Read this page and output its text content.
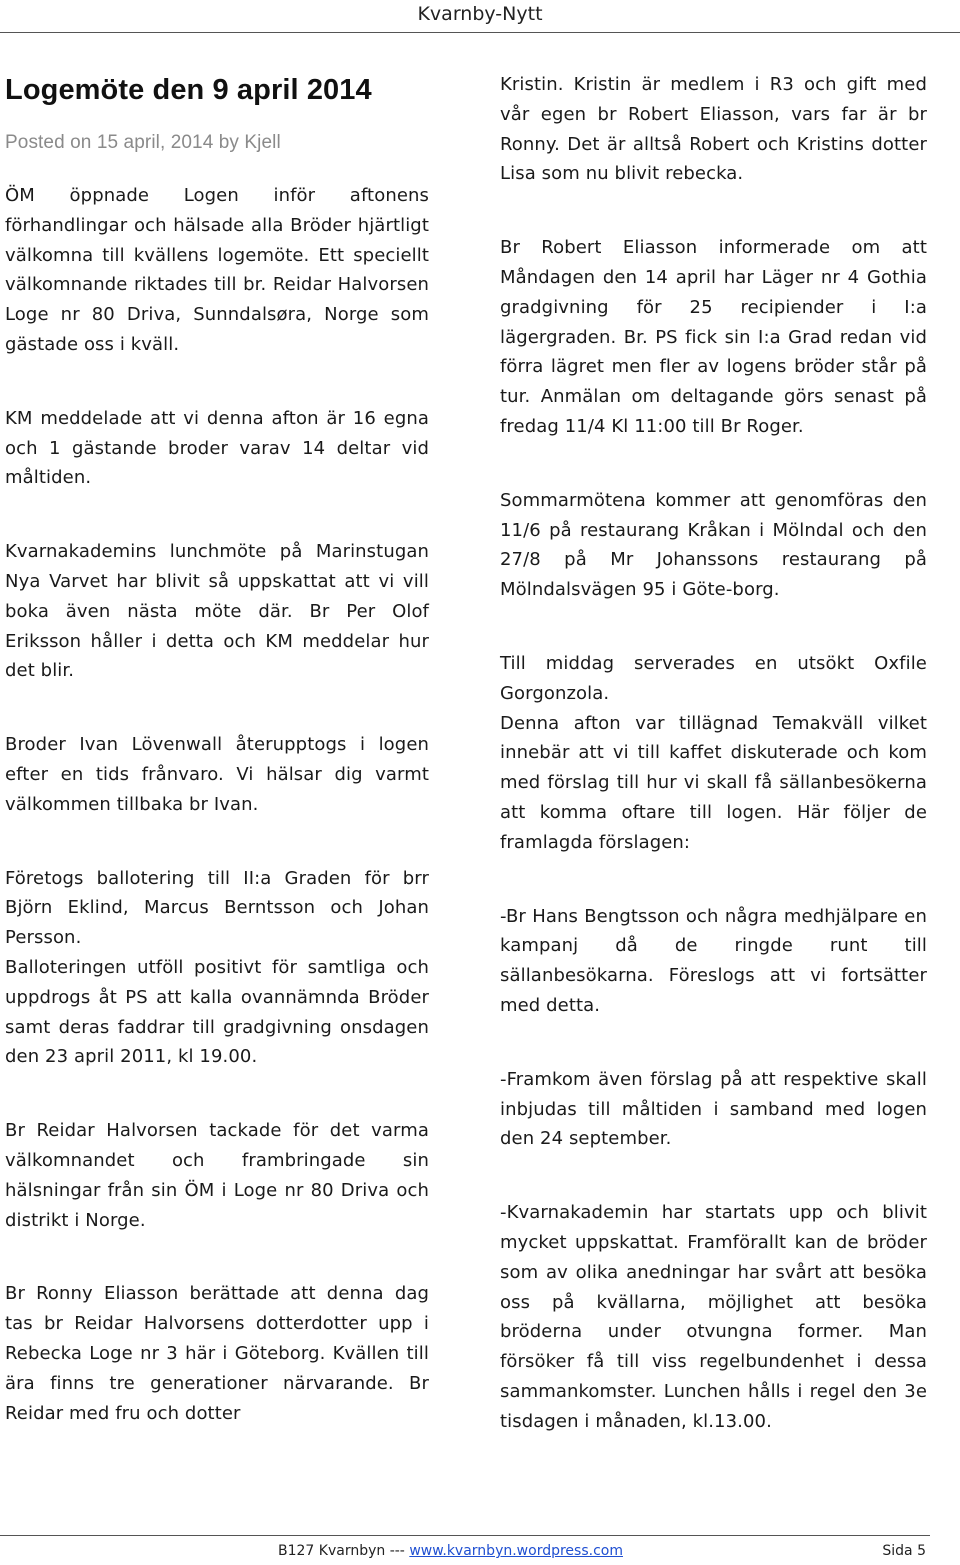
Kvarnby-Nytt
Logemöte den 9 april 2014
Posted on 15 april, 2014 by Kjell

ÖM öppnade Logen inför aftonens förhandlingar och hälsade alla Bröder hjärtligt välkomna till kvällens logemöte. Ett speciellt välkomnande riktades till br. Reidar Halvorsen Loge nr 80 Driva, Sunndalsøra, Norge som gästade oss i kväll.

KM meddelade att vi denna afton är 16 egna och 1 gästande broder varav 14 deltar vid måltiden.

Kvarnakademins lunchmöte på Marinstugan Nya Varvet har blivit så uppskattat att vi vill boka även nästa möte där. Br Per Olof Eriksson håller i detta och KM meddelar hur det blir.

Broder Ivan Lövenwall återupptogs i logen efter en tids frånvaro. Vi hälsar dig varmt välkommen tillbaka br Ivan.

Företogs ballotering till II:a Graden för brr Björn Eklind, Marcus Berntsson och Johan Persson.

Balloteringen utföll positivt för samtliga och uppdrogs åt PS att kalla ovannämnda Bröder samt deras faddrar till gradgivning onsdagen den 23 april 2011, kl 19.00.

Br Reidar Halvorsen tackade för det varma välkomnandet och frambringade sin hälsningar från sin ÖM i Loge nr 80 Driva och distrikt i Norge.

Br Ronny Eliasson berättade att denna dag tas br Reidar Halvorsens dotterdotter upp i Rebecka Loge nr 3 här i Göteborg. Kvällen till ära finns tre generationer närvarande. Br Reidar med fru och dotter

Kristin. Kristin är medlem i R3 och gift med vår egen br Robert Eliasson, vars far är br Ronny. Det är alltså Robert och Kristins dotter Lisa som nu blivit rebecka.

Br Robert Eliasson informerade om att Måndagen den 14 april har Läger nr 4 Gothia gradgivning för 25 recipiender i I:a lägergraden. Br. PS fick sin I:a Grad redan vid förra lägret men fler av logens bröder står på tur. Anmälan om deltagande görs senast på fredag 11/4 Kl 11:00 till Br Roger.

Sommarmötena kommer att genomföras den 11/6 på restaurang Kråkan i Mölndal och den 27/8 på Mr Johanssons restaurang på Mölndalsvägen 95 i Göte-borg.

Till middag serverades en utsökt Oxfile Gorgonzola.

Denna afton var tillägnad Temakväll vilket innebär att vi till kaffet diskuterade och kom med förslag till hur vi skall få sällanbesökerna att komma oftare till logen. Här följer de framlagda förslagen:

-Br Hans Bengtsson och några medhjälpare en kampanj då de ringde runt till sällanbesökarna. Föreslogs att vi fortsätter med detta.

-Framkom även förslag på att respektive skall inbjudas till måltiden i samband med logen den 24 september.

-Kvarnakademin har startats upp och blivit mycket uppskattat. Framförallt kan de bröder som av olika anedningar har svårt att besöka oss på kvällarna, möjlighet att besöka bröderna under otvungna former. Man försöker få till viss regelbundenhet i dessa sammankomster. Lunchen hålls i regel den 3e tisdagen i månaden, kl.13.00.

B127 Kvarnbyn --- www.kvarnbyn.wordpress.com	Sida 5
